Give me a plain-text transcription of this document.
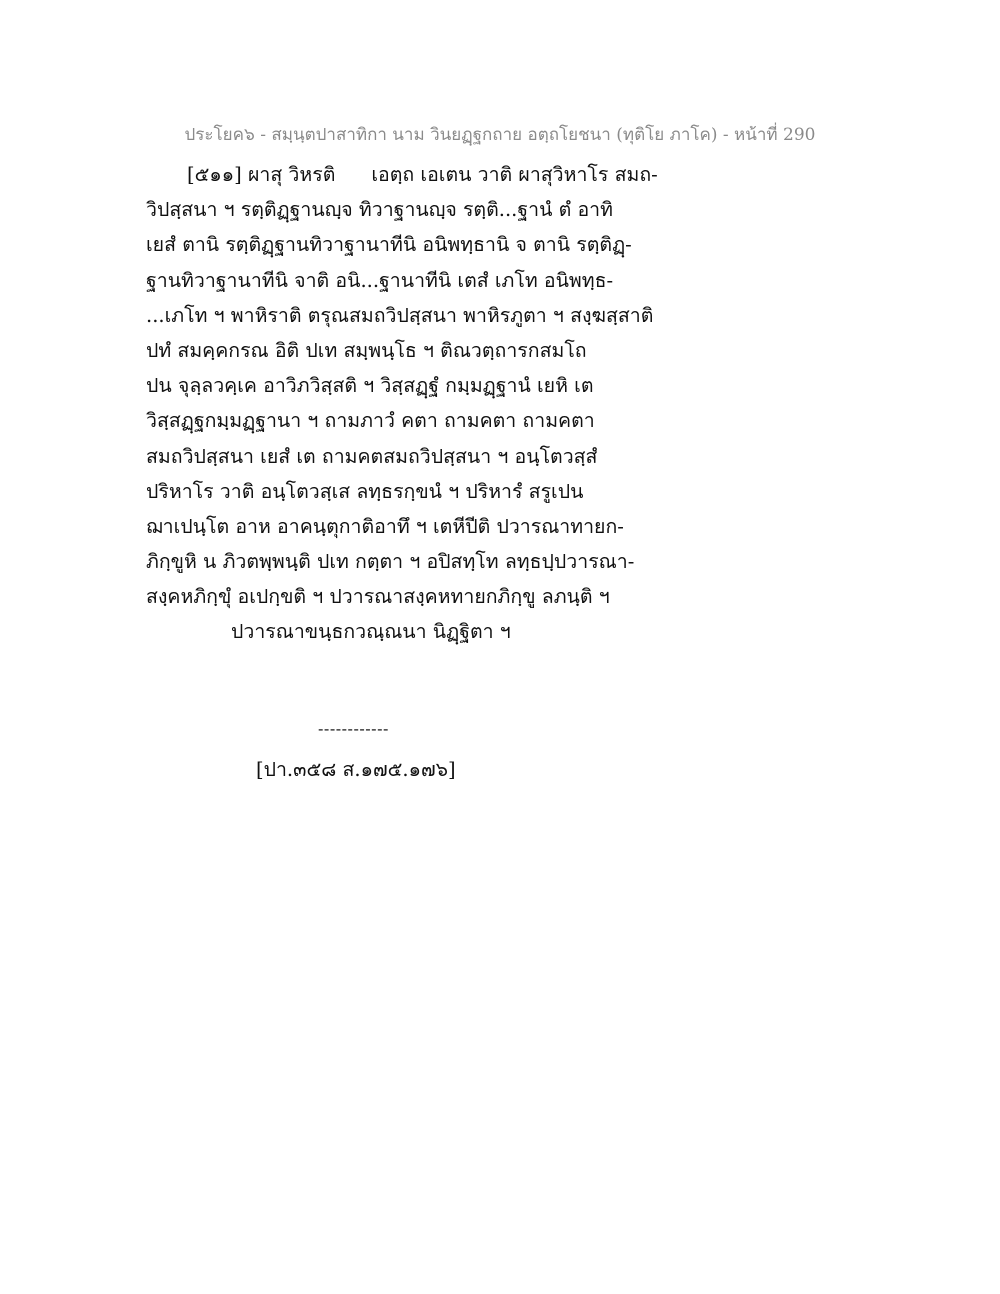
ประโยค๖ - สมฺนฺตปาสาทิกา นาม วินยฏฺฐกถาย อตฺถโยชนา (ทุติโย ภาโค) - หน้าที่ 290
[๕๑๑] ผาสุ วิหรติ เอตฺถ เอเตน วาติ ผาสุวิหาโร สมถ-
วิปสฺสนา ฯ รตฺติฏฺฐานญฺจ ทิวาฐานญฺจ รตฺติ...ฐานํ ตํ อาทิ
เยสํ ตานิ รตฺติฏฺฐานทิวาฐานาทีนิ อนิพทฺธานิ จ ตานิ รตฺติฏฺ-
ฐานทิวาฐานาทีนิ จาติ อนิ...ฐานาทีนิ เตสํ เภโท อนิพทฺธ-
...เภโท ฯ พาหิราติ ตรุณสมถวิปสฺสนา พาหิรภูตา ฯ สงฺฆสฺสาติ
ปทํ สมคฺคกรณ อิติ ปเท สมฺพนฺโธ ฯ ติณวตฺถารกสมโถ
ปน จุลฺลวคฺเค อาวิภวิสฺสติ ฯ วิสฺสฏฺฐํ กมฺมฏฺฐานํ เยหิ เต
วิสฺสฏฺฐกมฺมฏฺฐานา ฯ ถามภาวํ คตา ถามคตา ถามคตา
สมถวิปสฺสนา เยสํ เต ถามคตสมถวิปสฺสนา ฯ อนฺโตวสฺสํ
ปริหาโร วาติ อนฺโตวสฺเส ลทฺธรกฺขนํ ฯ ปริหารํ สรูเปน
ฌาเปนฺโต อาห อาคนฺตุกาติอาทึ ฯ เตหีปีติ ปวารณาทายก-
ภิกฺขูหิ น ภิวตพฺพนฺติ ปเท กตฺตา ฯ อปิสทฺโท ลทฺธปฺปวารณา-
สงฺคหภิกฺขุํ อเปกฺขติ ฯ ปวารณาสงฺคหทายกภิกฺขู ลภนฺติ ฯ
ปวารณาขนฺธกวณฺณนา นิฏฺฐิตา ฯ
------------
[ปา.๓๕๘ ส.๑๗๕.๑๗๖]
